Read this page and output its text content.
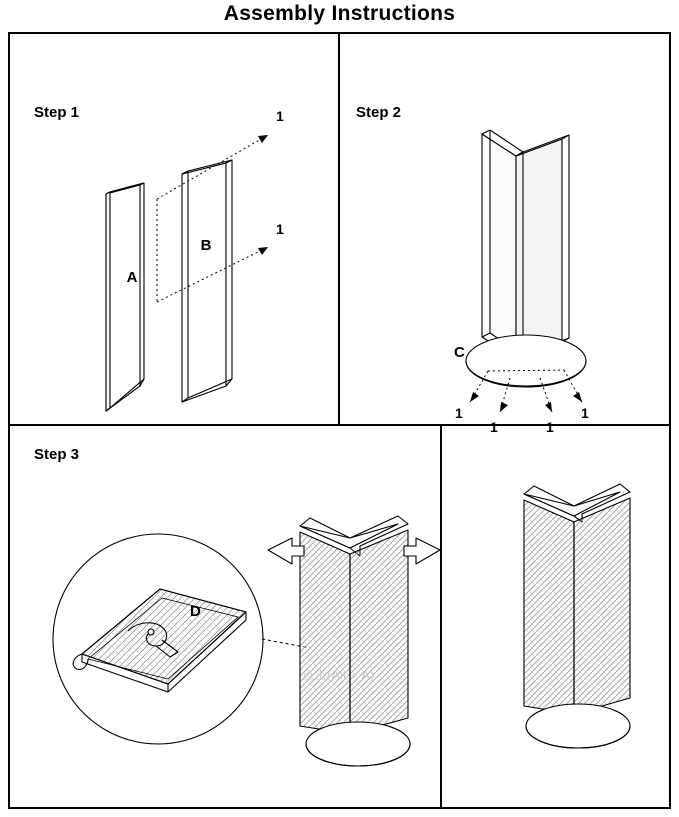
Assembly Instructions
Step 1
A
B
1
1
Step 2
C
1
1	1
1
Step 3
D
点击(Alt + A)
